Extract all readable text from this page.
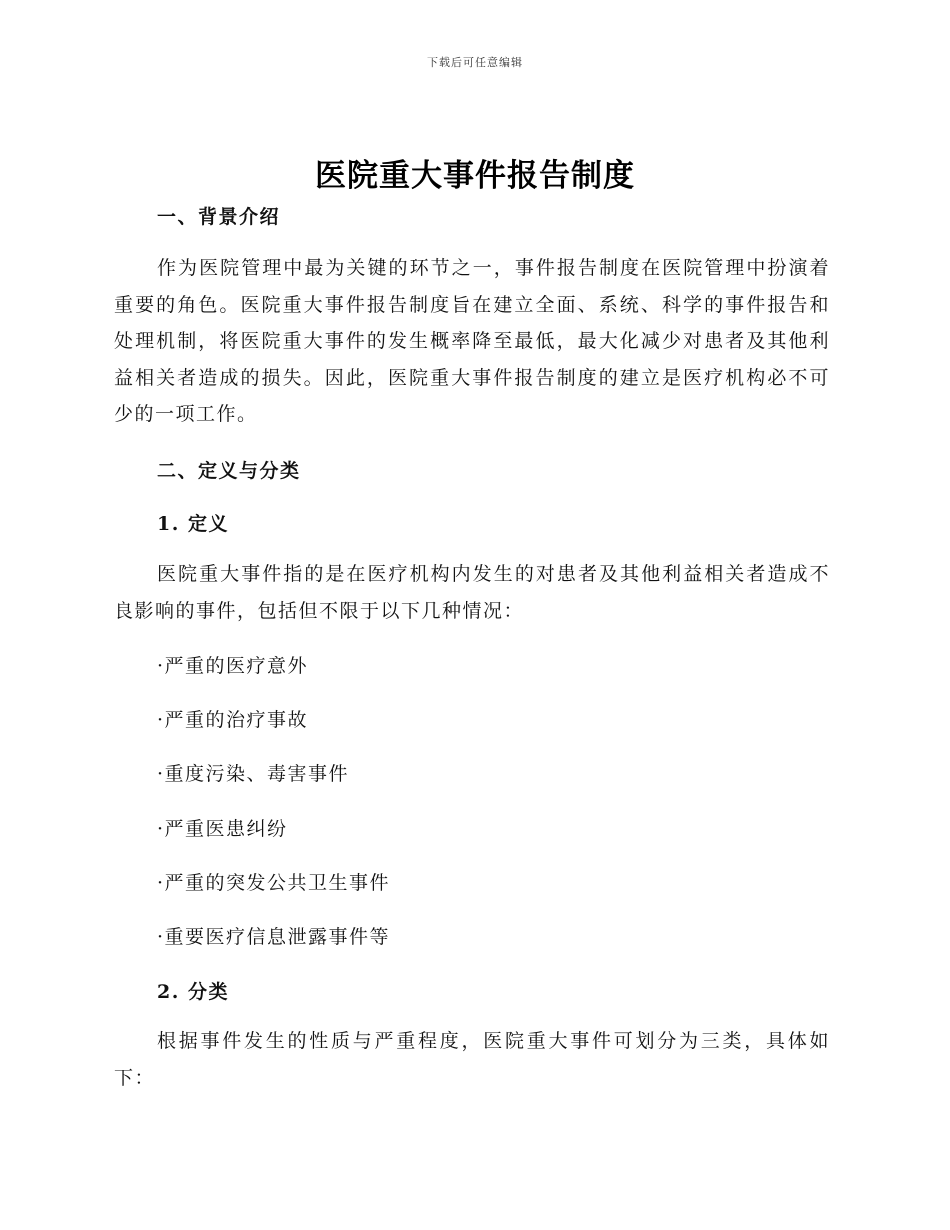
下载后可任意编辑
医院重大事件报告制度
一、背景介绍
作为医院管理中最为关键的环节之一，事件报告制度在医院管理中扮演着重要的角色。医院重大事件报告制度旨在建立全面、系统、科学的事件报告和处理机制，将医院重大事件的发生概率降至最低，最大化减少对患者及其他利益相关者造成的损失。因此，医院重大事件报告制度的建立是医疗机构必不可少的一项工作。
二、定义与分类
1. 定义
医院重大事件指的是在医疗机构内发生的对患者及其他利益相关者造成不良影响的事件，包括但不限于以下几种情况：
·严重的医疗意外
·严重的治疗事故
·重度污染、毒害事件
·严重医患纠纷
·严重的突发公共卫生事件
·重要医疗信息泄露事件等
2. 分类
根据事件发生的性质与严重程度，医院重大事件可划分为三类，具体如下：
